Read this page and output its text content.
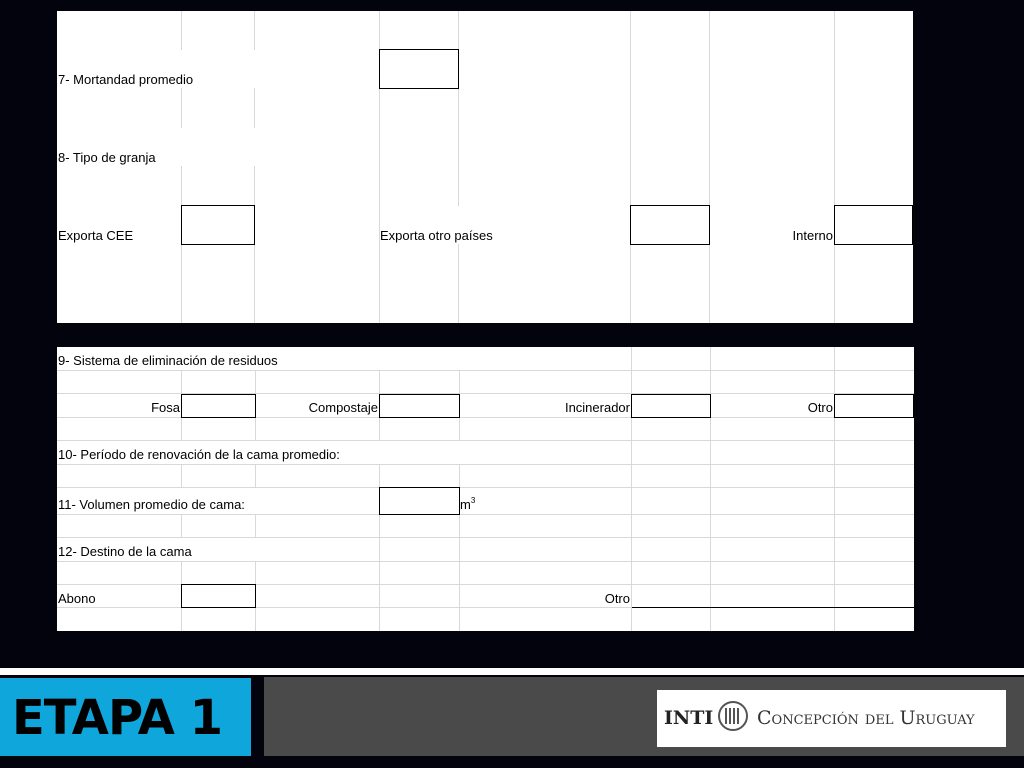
7- Mortandad promedio
8- Tipo de granja
Exporta CEE	Exporta otro países	Interno
9- Sistema de eliminación de residuos
Fosa	Compostaje	Incinerador	Otro
10- Período de renovación de la cama promedio:
11- Volumen promedio de cama:	$m^3$
12- Destino de la cama
Abono	Otro
ETAPA 1	INTI Concepción del Uruguay
